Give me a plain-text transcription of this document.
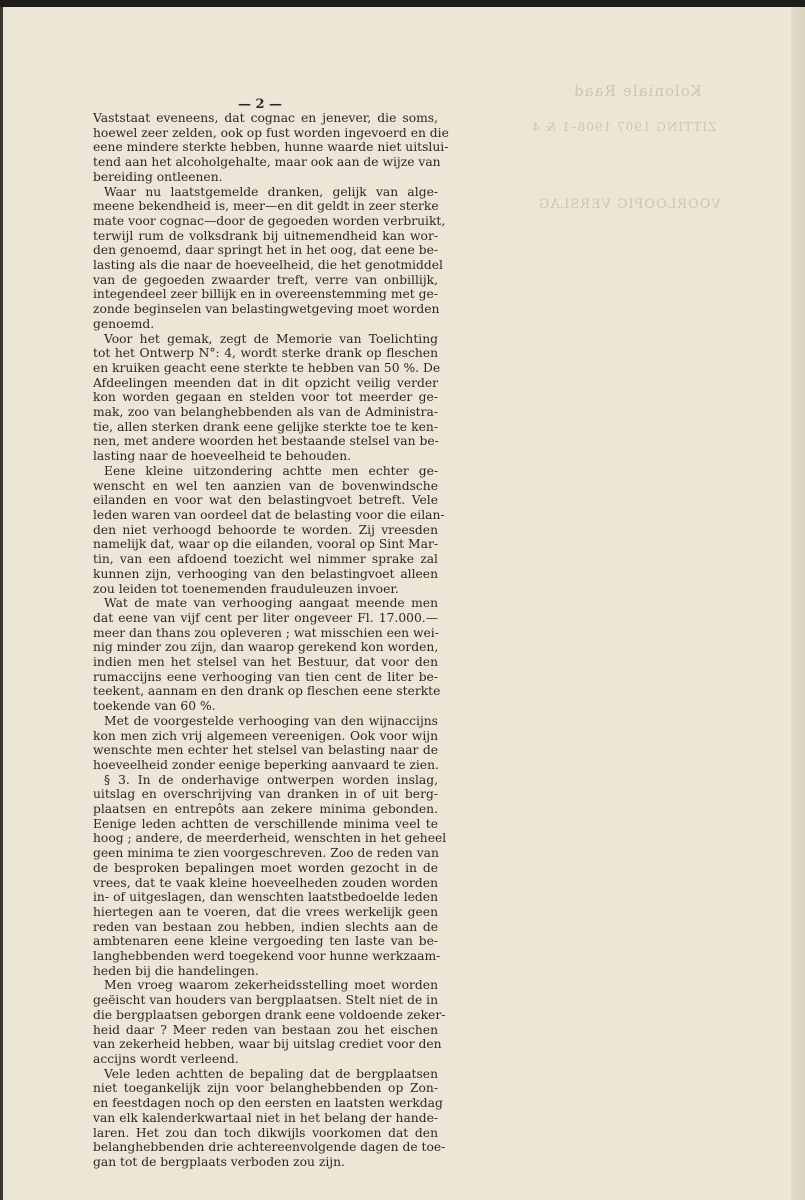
Koloniale Raad
ZITTING 1907 1908–1 & 4
VOORLOOPIG VERSLAG
— 2 —
Vaststaat eveneens, dat cognac en jenever, die soms,
hoewel zeer zelden, ook op fust worden ingevoerd en die
eene mindere sterkte hebben, hunne waarde niet uitslui-
tend aan het alcoholgehalte, maar ook aan de wijze van
bereiding ontleenen.
Waar nu laatstgemelde dranken, gelijk van alge-
meene bekendheid is, meer—en dit geldt in zeer sterke
mate voor cognac—door de gegoeden worden verbruikt,
terwijl rum de volksdrank bij uitnemendheid kan wor-
den genoemd, daar springt het in het oog, dat eene be-
lasting als die naar de hoeveelheid, die het genotmiddel
van de gegoeden zwaarder treft, verre van onbillijk,
integendeel zeer billijk en in overeenstemming met ge-
zonde beginselen van belastingwetgeving moet worden
genoemd.
Voor het gemak, zegt de Memorie van Toelichting
tot het Ontwerp N°: 4, wordt sterke drank op fleschen
en kruiken geacht eene sterkte te hebben van 50 %. De
Afdeelingen meenden dat in dit opzicht veilig verder
kon worden gegaan en stelden voor tot meerder ge-
mak, zoo van belanghebbenden als van de Administra-
tie, allen sterken drank eene gelijke sterkte toe te ken-
nen, met andere woorden het bestaande stelsel van be-
lasting naar de hoeveelheid te behouden.
Eene kleine uitzondering achtte men echter ge-
wenscht en wel ten aanzien van de bovenwindsche
eilanden en voor wat den belastingvoet betreft. Vele
leden waren van oordeel dat de belasting voor die eilan-
den niet verhoogd behoorde te worden. Zij vreesden
namelijk dat, waar op die eilanden, vooral op Sint Mar-
tin, van een afdoend toezicht wel nimmer sprake zal
kunnen zijn, verhooging van den belastingvoet alleen
zou leiden tot toenemenden frauduleuzen invoer.
Wat de mate van verhooging aangaat meende men
dat eene van vijf cent per liter ongeveer Fl. 17.000.—
meer dan thans zou opleveren ; wat misschien een wei-
nig minder zou zijn, dan waarop gerekend kon worden,
indien men het stelsel van het Bestuur, dat voor den
rumaccijns eene verhooging van tien cent de liter be-
teekent, aannam en den drank op fleschen eene sterkte
toekende van 60 %.
Met de voorgestelde verhooging van den wijnaccijns
kon men zich vrij algemeen vereenigen. Ook voor wijn
wenschte men echter het stelsel van belasting naar de
hoeveelheid zonder eenige beperking aanvaard te zien.
§ 3. In de onderhavige ontwerpen worden inslag,
uitslag en overschrijving van dranken in of uit berg-
plaatsen en entrepôts aan zekere minima gebonden.
Eenige leden achtten de verschillende minima veel te
hoog ; andere, de meerderheid, wenschten in het geheel
geen minima te zien voorgeschreven. Zoo de reden van
de besproken bepalingen moet worden gezocht in de
vrees, dat te vaak kleine hoeveelheden zouden worden
in- of uitgeslagen, dan wenschten laatstbedoelde leden
hiertegen aan te voeren, dat die vrees werkelijk geen
reden van bestaan zou hebben, indien slechts aan de
ambtenaren eene kleine vergoeding ten laste van be-
langhebbenden werd toegekend voor hunne werkzaam-
heden bij die handelingen.
Men vroeg waarom zekerheidsstelling moet worden
geëischt van houders van bergplaatsen. Stelt niet de in
die bergplaatsen geborgen drank eene voldoende zeker-
heid daar ? Meer reden van bestaan zou het eischen
van zekerheid hebben, waar bij uitslag crediet voor den
accijns wordt verleend.
Vele leden achtten de bepaling dat de bergplaatsen
niet toegankelijk zijn voor belanghebbenden op Zon-
en feestdagen noch op den eersten en laatsten werkdag
van elk kalenderkwartaal niet in het belang der hande-
laren. Het zou dan toch dikwijls voorkomen dat den
belanghebbenden drie achtereenvolgende dagen de toe-
gan tot de bergplaats verboden zou zijn.
